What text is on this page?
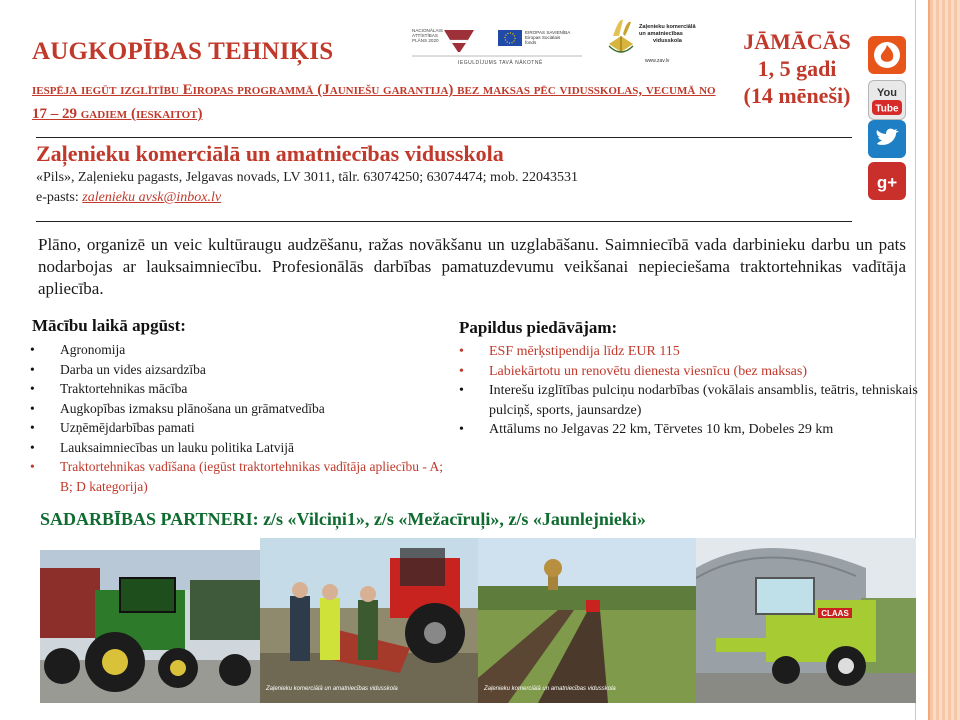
AUGKOPĪBAS TEHNIĶIS

iespēja iegūt izglītību Eiropas programmā (Jauniešu garantija) bez maksas pēc vidusskolas, vecumā no 17 – 29 gadiem (ieskaitot)

NACIONĀLAIS
ATTĪSTĪBAS
PLĀNS 2020
EIROPAS SAVIENĪBA
Eiropas Sociālais
fonds
IEGULDĪJUMS TAVĀ NĀKOTNĒ
Zaļenieku komerciālā
un amatniecības
vidusskola
www.zav.lv
JĀMĀCĀS
1, 5 gadi
(14 mēneši)	You
Tube
g+
Zaļenieku komerciālā un amatniecības vidusskola
«Pils», Zaļenieku pagasts, Jelgavas novads, LV 3011, tālr. 63074250; 63074474; mob. 22043531
e-pasts: zalenieku avsk@inbox.lv

Plāno, organizē un veic kultūraugu audzēšanu, ražas novākšanu un uzglabāšanu. Saimniecībā vada darbinieku darbu un pats nodarbojas ar lauksaimniecību. Profesionālās darbības pamatuzdevumu veikšanai nepieciešama traktortehnikas vadītāja apliecība.

Mācību laikā apgūst:
• Agronomija
• Darba un vides aizsardzība
• Traktortehnikas mācība
• Augkopības izmaksu plānošana un grāmatvedība
• Uzņēmējdarbības pamati
• Lauksaimniecības un lauku politika Latvijā
• Traktortehnikas vadīšana (iegūst traktortehnikas vadītāja apliecību - A; B; D kategorija)
Papildus piedāvājam:
• ESF mērķstipendija līdz EUR 115
• Labiekārtotu un renovētu dienesta viesnīcu (bez maksas)
• Interešu izglītības pulciņu nodarbības (vokālais ansamblis, teātris, tehniskais pulciņš, sports, jaunsardze)
• Attālums no Jelgavas 22 km, Tērvetes 10 km, Dobeles 29 km
SADARBĪBAS PARTNERI: z/s «Vilciņi1», z/s «Mežacīruļi», z/s «Jaunlejnieki»
Zaļenieku komerciālā un amatniecības vidusskola	Zaļenieku komerciālā un amatniecības vidusskola
CLAAS
